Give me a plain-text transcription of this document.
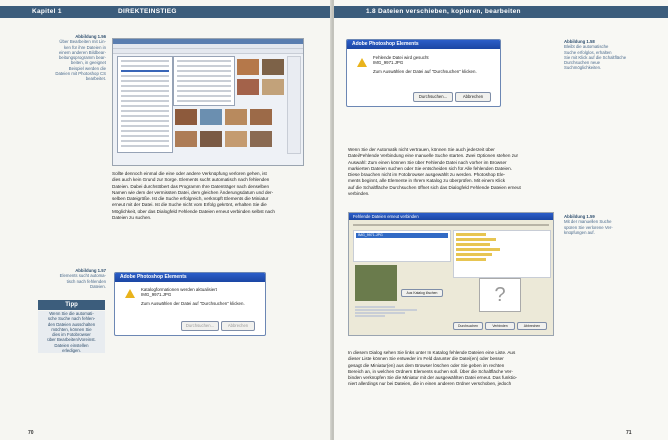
Kapitel 1	DIREKTEINSTIEG
Abbildung 1.56
Über Bearbeiten mit Lin-
ken für ihre Dateien in
einem anderen Bildbear-
beitungsprogramm bear-
beiten, in geeignet
Beispiel werden die
Dateien mit Photoshop CS
bearbeitet.

Sollte dennoch einmal die eine oder andere Verknüpfung verloren gehen, ist

dies auch kein Grund zur Sorge. Elements sucht automatisch nach fehlenden

Dateien. Dabei durchstöbert das Programm Ihre Datenträger nach denselben

Namen wie dem der vermissten Datei, dem gleichen Änderungsdatum und der-

selben Dateigröße. Ist die Suche erfolgreich, verknüpft Elements die Miniatur

erneut mit der Datei. Ist die Suche nicht vom Erfolg gekrönt, erhalten Sie die

Möglichkeit, über das Dialogfeld Fehlende Dateien erneut verbinden selbst nach

Dateien zu suchen.

Abbildung 1.57
Elements sucht automa-
tisch nach fehlenden
Dateien.
Adobe Photoshop Elements
Katalogformationen werden aktualisiert
IMG_9971.JPG
Zum Auswählen der Datei auf "Durchsuchen" klicken.
Durchsuchen...	Abbrechen
Tipp
Wenn Sie die automati-
sche Suche nach fehlen-
den Dateien ausschalten
möchten, können Sie
dies im Fotobrowser
über Bearbeiten/Voreinst.
Dateien einstellen
erledigen.
70
1.8 Dateien verschieben, kopieren, bearbeiten
Adobe Photoshop Elements
Fehlende Datei wird gesucht
IMG_9971.JPG
Zum Auswählen der Datei auf "Durchsuchen" klicken.
Durchsuchen...	Abbrechen
Abbildung 1.58
Bleibt die automatische
Suche erfolglos, erhalten
Sie mit Klick auf die Schaltfläche
Durchsuchen neue
Suchmöglichkeiten.

Wenn Sie der Automatik nicht vertrauen, können Sie auch jederzeit über

Datei/Fehlende Verbindung eine manuelle Suche starten. Zwei Optionen stehen zur

Auswahl: Zum einen können Sie über Fehlende Datei nach vorher im Browser

markierten Dateien suchen oder Sie entscheiden sich für Alle fehlenden Dateien.

Diese brauchen nicht im Fotobrowser ausgewählt zu werden. Photoshop Ele-

ments beginnt, alle Elemente in Ihrem Katalog zu überprüfen. Mit einem Klick

auf die Schaltfläche Durchsuchen öffnet sich das Dialogfeld Fehlende Dateien erneut

verbinden.

Fehlende Dateien erneut verbinden
IMG_9971.JPG
Aus Katalog löschen	?
Durchsuchen	Verbinden	Abbrechen
Abbildung 1.59
Mit der manuellen Suche
spüren Sie verlorene Ver-
knüpfungen auf.

In diesem Dialog sehen Sie links unter In Katalog fehlende Dateien eine Liste. Aus

dieser Liste können Sie entweder im Feld darunter die Datei(en) oder besser

gesagt die Miniatur(en) aus dem Browser löschen oder Sie geben im rechten

Bereich an, in welchen Ordnern Elements suchen soll. Über die Schaltfläche Ver-

binden verknüpfen Sie die Miniatur mit der ausgewählten Datei erneut. Das funktio-

niert allerdings nur bei Dateien, die in einen anderen Ordner verschoben, jedoch

71
